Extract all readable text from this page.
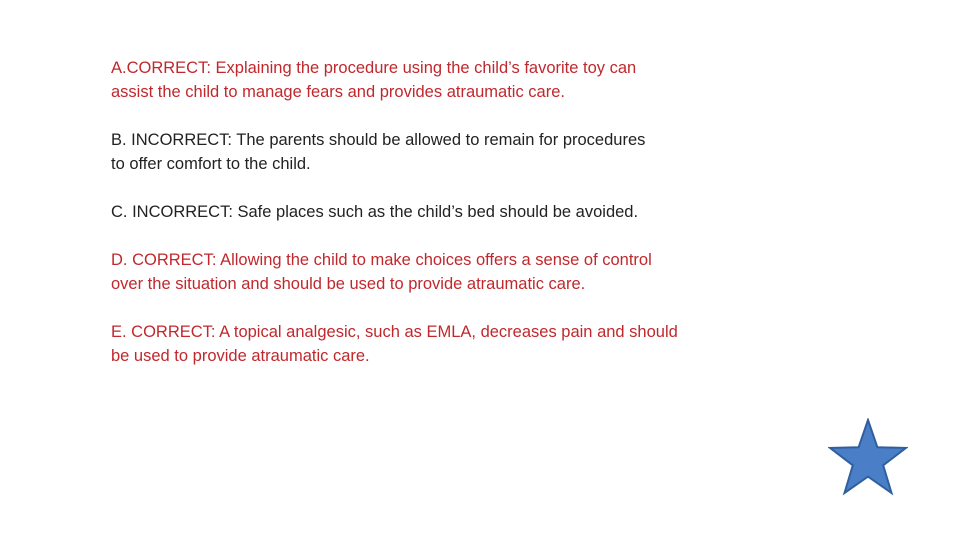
A.CORRECT: Explaining the procedure using the child’s favorite toy can
assist the child to manage fears and provides atraumatic care.

B. INCORRECT: The parents should be allowed to remain for procedures
to offer comfort to the child.

C. INCORRECT: Safe places such as the child’s bed should be avoided.

D. CORRECT: Allowing the child to make choices offers a sense of control
over the situation and should be used to provide atraumatic care.

E. CORRECT: A topical analgesic, such as EMLA, decreases pain and should
be used to provide atraumatic care.
